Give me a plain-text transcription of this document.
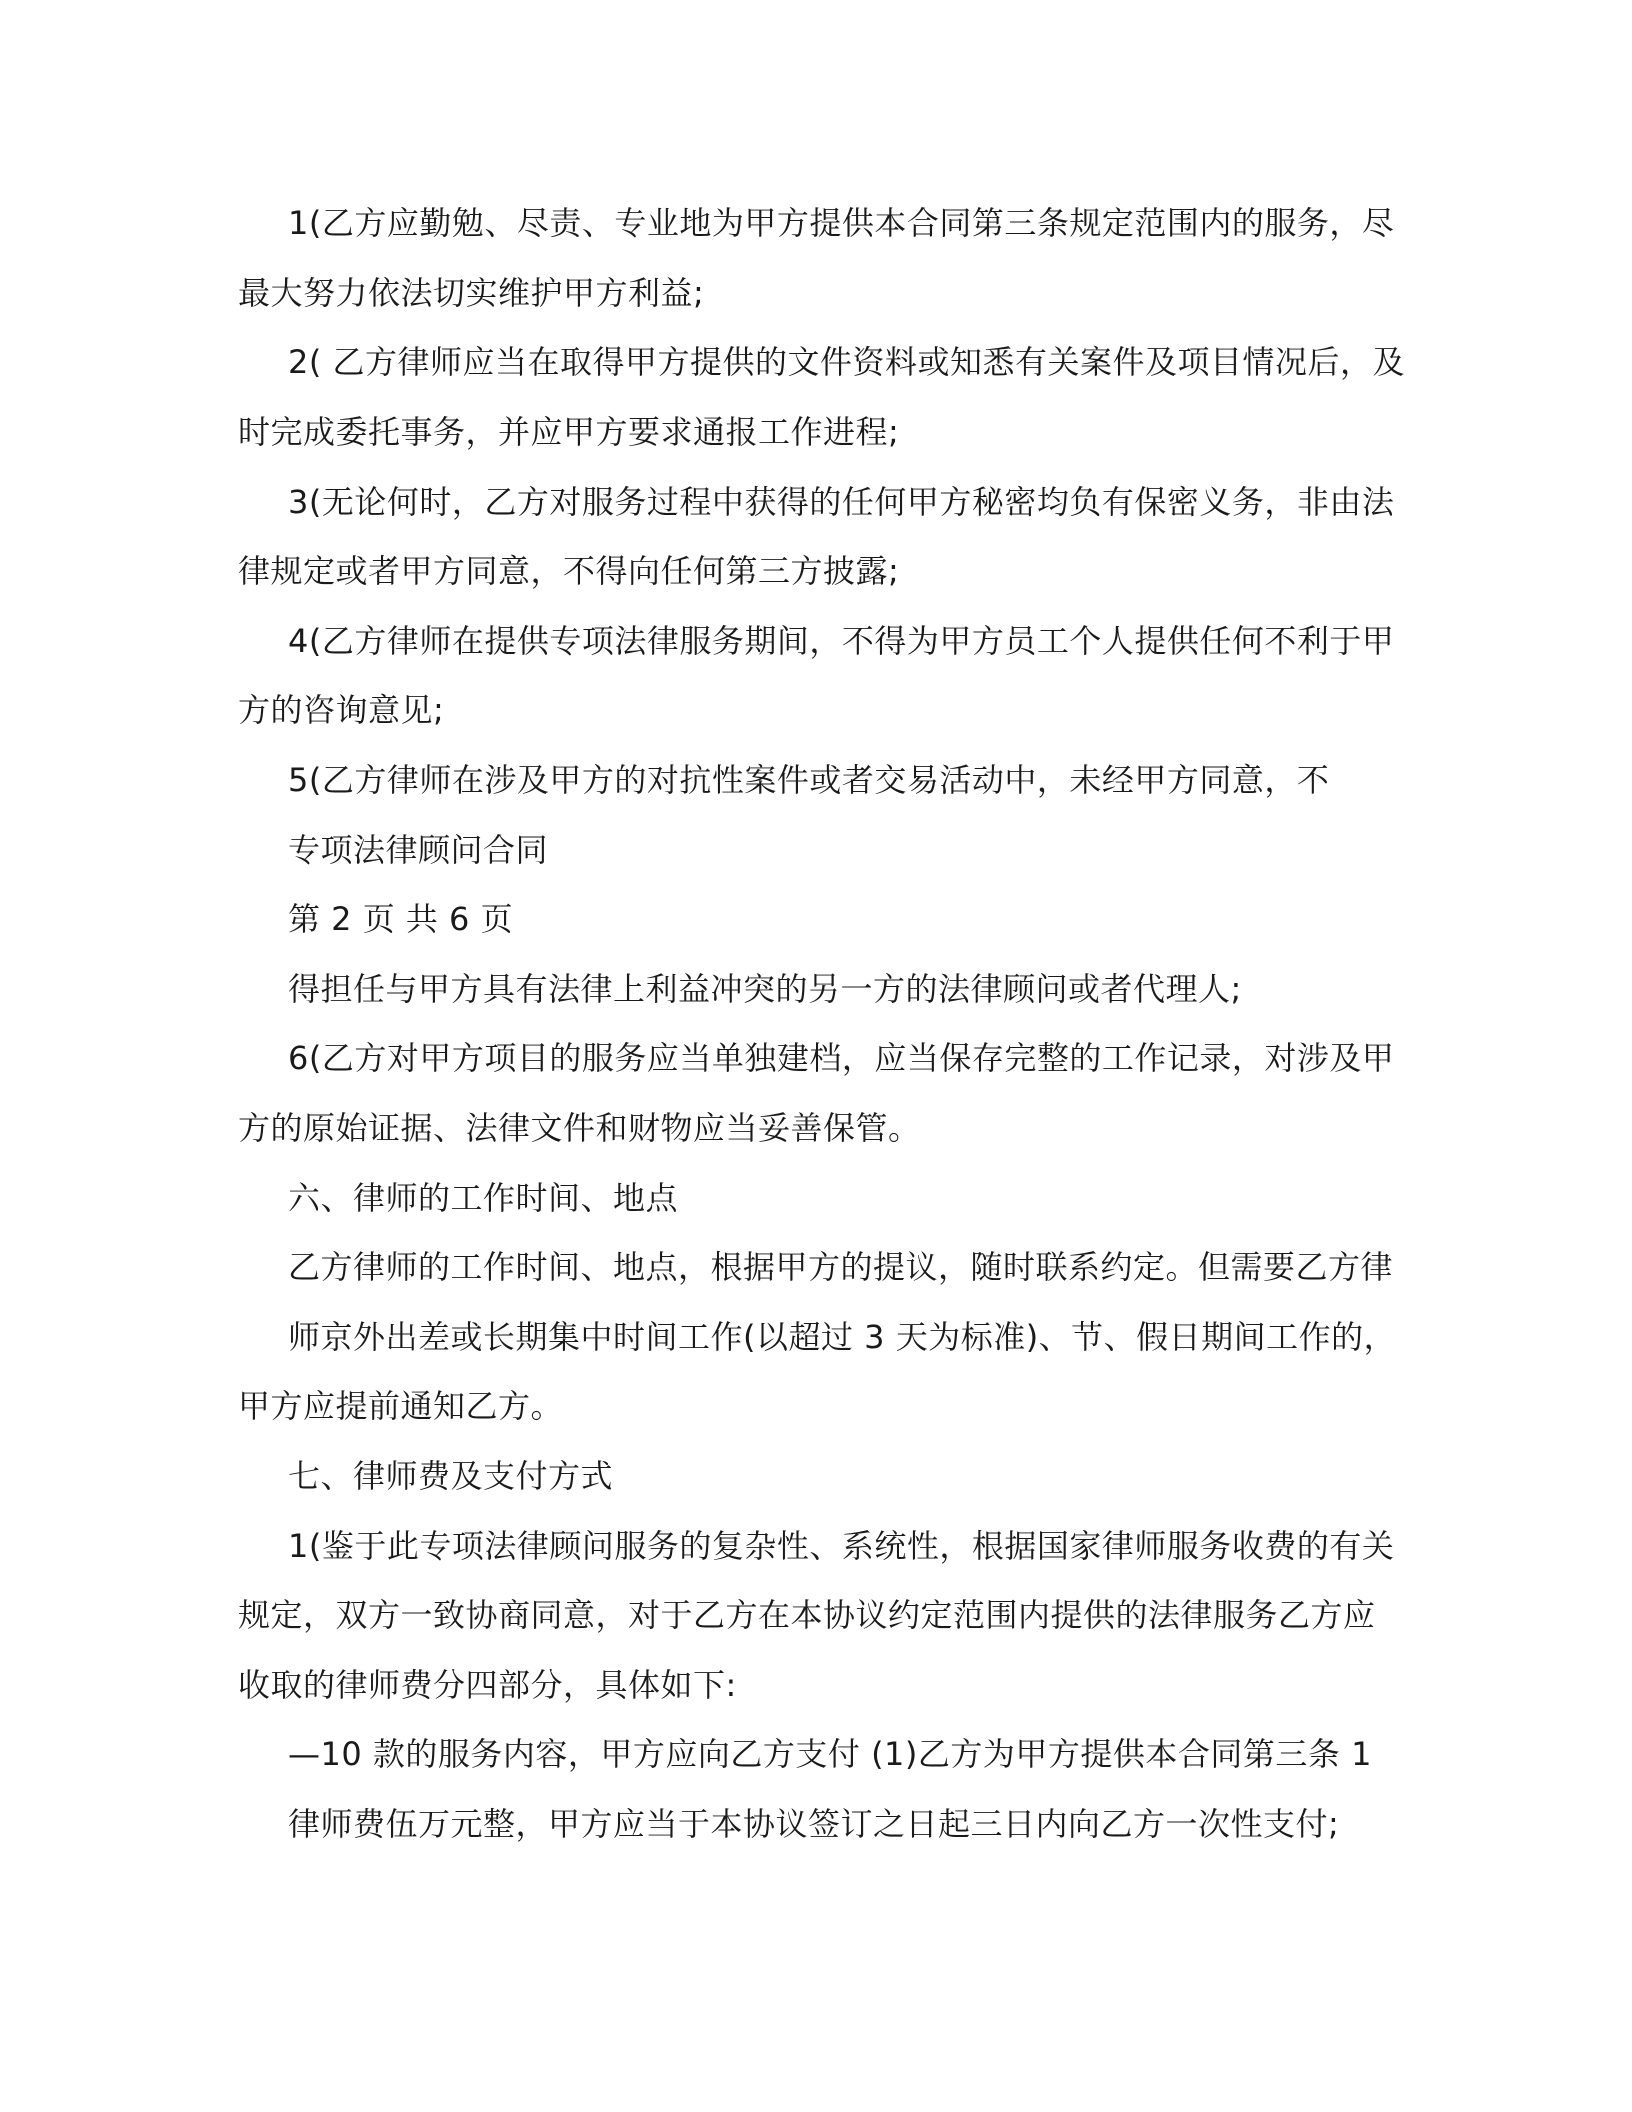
1(乙方应勤勉、尽责、专业地为甲方提供本合同第三条规定范围内的服务，尽
最大努力依法切实维护甲方利益;
2( 乙方律师应当在取得甲方提供的文件资料或知悉有关案件及项目情况后，及
时完成委托事务，并应甲方要求通报工作进程;
3(无论何时，乙方对服务过程中获得的任何甲方秘密均负有保密义务，非由法
律规定或者甲方同意，不得向任何第三方披露;
4(乙方律师在提供专项法律服务期间，不得为甲方员工个人提供任何不利于甲
方的咨询意见;
5(乙方律师在涉及甲方的对抗性案件或者交易活动中，未经甲方同意，不
专项法律顾问合同
第 2 页 共 6 页
得担任与甲方具有法律上利益冲突的另一方的法律顾问或者代理人;
6(乙方对甲方项目的服务应当单独建档，应当保存完整的工作记录，对涉及甲
方的原始证据、法律文件和财物应当妥善保管。
六、律师的工作时间、地点
乙方律师的工作时间、地点，根据甲方的提议，随时联系约定。但需要乙方律
师京外出差或长期集中时间工作(以超过 3 天为标准)、节、假日期间工作的，
甲方应提前通知乙方。
七、律师费及支付方式
1(鉴于此专项法律顾问服务的复杂性、系统性，根据国家律师服务收费的有关
规定，双方一致协商同意，对于乙方在本协议约定范围内提供的法律服务乙方应
收取的律师费分四部分，具体如下:
—10 款的服务内容，甲方应向乙方支付 (1)乙方为甲方提供本合同第三条 1
律师费伍万元整，甲方应当于本协议签订之日起三日内向乙方一次性支付;
